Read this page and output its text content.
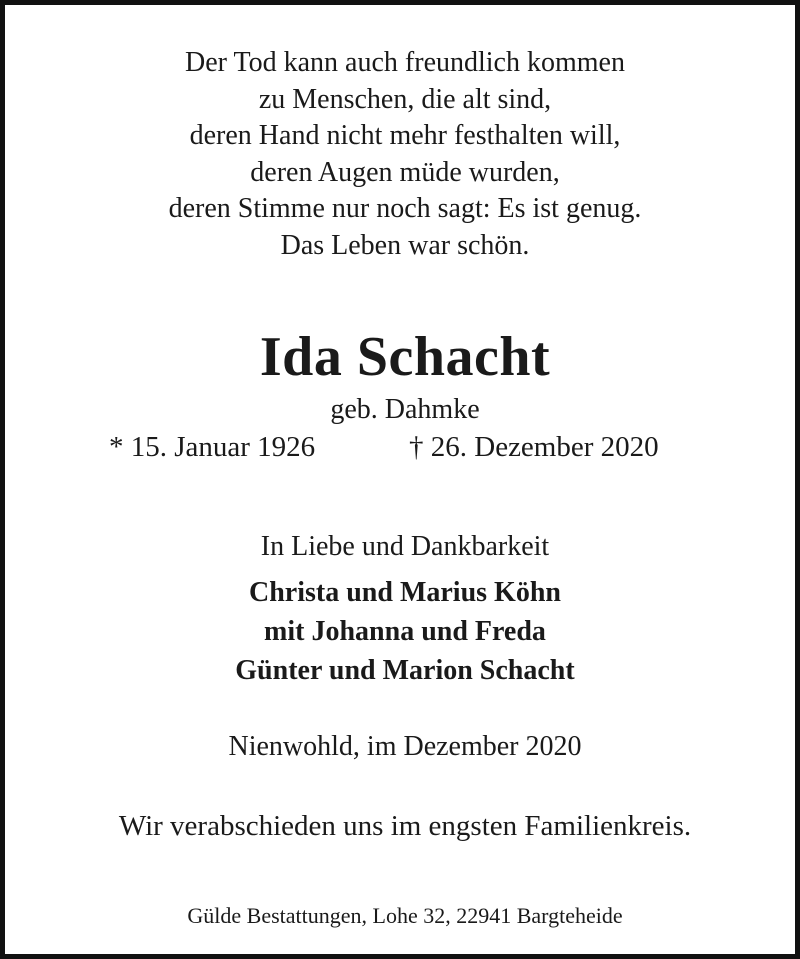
Der Tod kann auch freundlich kommen
zu Menschen, die alt sind,
deren Hand nicht mehr festhalten will,
deren Augen müde wurden,
deren Stimme nur noch sagt: Es ist genug.
Das Leben war schön.
Ida Schacht
geb. Dahmke
* 15. Januar 1926	† 26. Dezember 2020
In Liebe und Dankbarkeit
Christa und Marius Köhn
mit Johanna und Freda
Günter und Marion Schacht
Nienwohld, im Dezember 2020
Wir verabschieden uns im engsten Familienkreis.
Gülde Bestattungen, Lohe 32, 22941 Bargteheide
